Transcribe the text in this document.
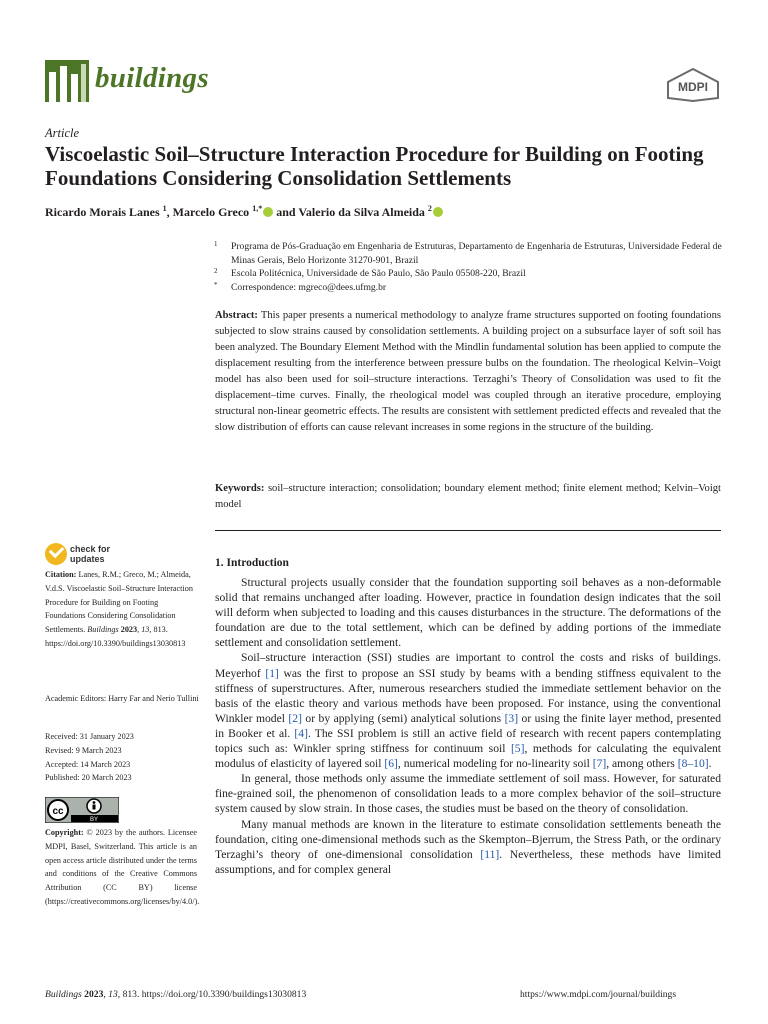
buildings	MDPI
Article
Viscoelastic Soil–Structure Interaction Procedure for Building on Footing Foundations Considering Consolidation Settlements
Ricardo Morais Lanes $^1$, Marcelo Greco $^{1,*}$ and Valerio da Silva Almeida $^2$
1 Programa de Pós-Graduação em Engenharia de Estruturas, Departamento de Engenharia de Estruturas, Universidade Federal de Minas Gerais, Belo Horizonte 31270-901, Brazil
2 Escola Politécnica, Universidade de São Paulo, São Paulo 05508-220, Brazil
* Correspondence: mgreco@dees.ufmg.br
Abstract: This paper presents a numerical methodology to analyze frame structures supported on footing foundations subjected to slow strains caused by consolidation settlements. A building project on a subsurface layer of soft soil has been analyzed. The Boundary Element Method with the Mindlin fundamental solution has been applied to compute the displacement resulting from the interference between pressure bulbs on the foundation. The rheological Kelvin–Voigt model has also been used for soil–structure interactions. Terzaghi’s Theory of Consolidation was used to fit the displacement–time curves. Finally, the rheological model was coupled through an iterative procedure, employing structural non-linear geometric effects. The results are consistent with settlement predicted effects and revealed that the slow distribution of efforts can cause relevant increases in some regions in the structure of the building.
Keywords: soil–structure interaction; consolidation; boundary element method; finite element method; Kelvin–Voigt model
1. Introduction

Structural projects usually consider that the foundation supporting soil behaves as a non-deformable solid that remains unchanged after loading. However, practice in foundation design indicates that the soil will deform when subjected to loading and this causes disturbances in the structure. The deformations of the foundation are due to the total settlement, which can be defined by adding portions of the immediate settlement and consolidation settlement.

Soil–structure interaction (SSI) studies are important to control the costs and risks of buildings. Meyerhof [1] was the first to propose an SSI study by beams with a bending stiffness equivalent to the stiffness of superstructures. After, numerous researchers studied the immediate settlement behavior on the basis of the elastic theory and various methods have been proposed. For instance, using the conventional Winkler model [2] or by applying (semi) analytical solutions [3] or using the finite layer method, presented in Booker et al. [4]. The SSI problem is still an active field of research with recent papers contemplating topics such as: Winkler spring stiffness for continuum soil [5], methods for calculating the equivalent modulus of elasticity of layered soil [6], numerical modeling for no-linearity soil [7], among others [8–10].

In general, those methods only assume the immediate settlement of soil mass. However, for saturated fine-grained soil, the phenomenon of consolidation leads to a more complex behavior of the soil–structure system caused by slow strain. In those cases, the studies must be based on the theory of consolidation.

Many manual methods are known in the literature to estimate consolidation settlements beneath the foundation, citing one-dimensional methods such as the Skempton–Bjerrum, the Stress Path, or the ordinary Terzaghi’s theory of one-dimensional consolidation [11]. Nevertheless, these methods have limited assumptions, and for complex general

check for
updates
Citation: Lanes, R.M.; Greco, M.; Almeida, V.d.S. Viscoelastic Soil–Structure Interaction Procedure for Building on Footing Foundations Considering Consolidation Settlements. Buildings 2023, 13, 813. https://doi.org/10.3390/buildings13030813
Academic Editors: Harry Far and Nerio Tullini
Received: 31 January 2023
Revised: 9 March 2023
Accepted: 14 March 2023
Published: 20 March 2023
cc
BY
Copyright: © 2023 by the authors. Licensee MDPI, Basel, Switzerland. This article is an open access article distributed under the terms and conditions of the Creative Commons Attribution (CC BY) license (https://creativecommons.org/licenses/by/4.0/).
Buildings 2023, 13, 813. https://doi.org/10.3390/buildings13030813	https://www.mdpi.com/journal/buildings
